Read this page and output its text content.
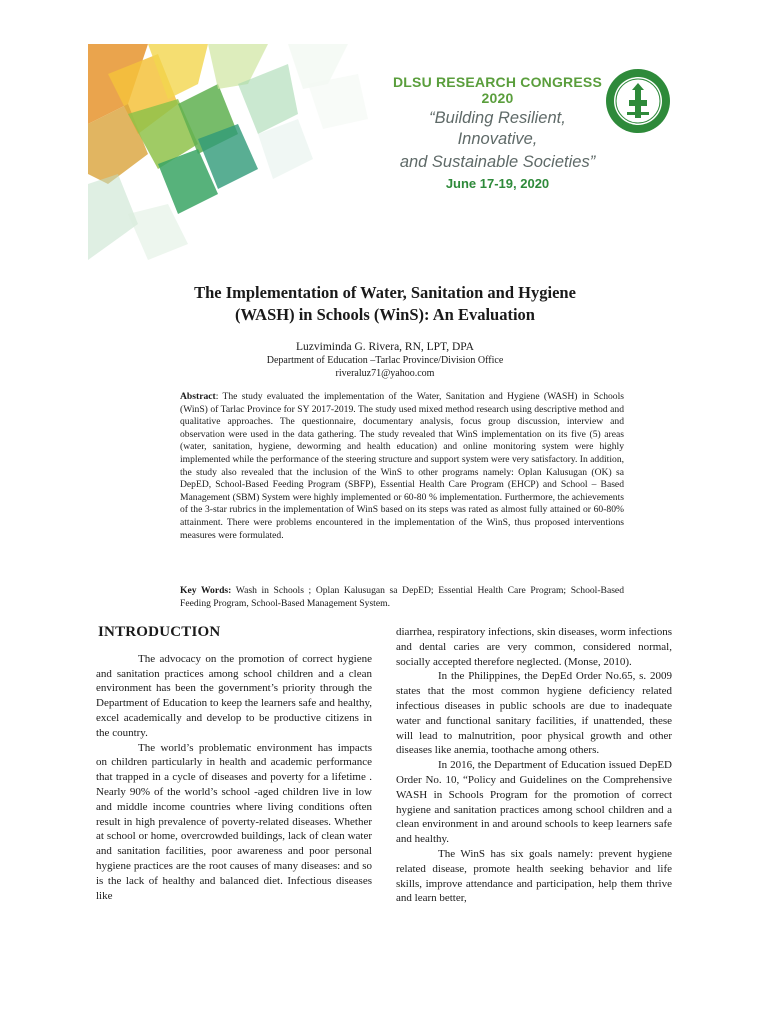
DLSU RESEARCH CONGRESS 2020
“Building Resilient, Innovative,
and Sustainable Societies”
June 17-19, 2020
The Implementation of Water, Sanitation and Hygiene
(WASH) in Schools (WinS): An Evaluation
Luzviminda G. Rivera, RN, LPT, DPA
Department of Education –Tarlac Province/Division Office
riveraluz71@yahoo.com
Abstract: The study evaluated the implementation of the Water, Sanitation and Hygiene (WASH) in Schools (WinS) of Tarlac Province for SY 2017-2019. The study used mixed method research using descriptive method and qualitative approaches. The questionnaire, documentary analysis, focus group discussion, interview and observation were used in the data gathering. The study revealed that WinS implementation on its five (5) areas (water, sanitation, hygiene, deworming and health education) and online monitoring system were highly implemented while the performance of the steering structure and support system were very satisfactory. In addition, the study also revealed that the inclusion of the WinS to other programs namely: Oplan Kalusugan (OK) sa DepED, School-Based Feeding Program (SBFP), Essential Health Care Program (EHCP) and School – Based Management (SBM) System were highly implemented or 60-80 % implementation. Furthermore, the achievements of the 3-star rubrics in the implementation of WinS based on its steps was rated as almost fully attained or 60-80% attainment. There were problems encountered in the implementation of the WinS, thus proposed interventions measures were formulated.
Key Words: Wash in Schools ; Oplan Kalusugan sa DepED; Essential Health Care Program; School-Based Feeding Program, School-Based Management System.
INTRODUCTION

The advocacy on the promotion of correct hygiene and sanitation practices among school children and a clean environment has been the government’s priority through the Department of Education to keep the learners safe and healthy, excel academically and develop to be productive citizens in the country.

The world’s problematic environment has impacts on children particularly in health and academic performance that trapped in a cycle of diseases and poverty for a lifetime . Nearly 90% of the world’s school -aged children live in low and middle income countries where living conditions often result in high prevalence of poverty-related diseases. Whether at school or home, overcrowded buildings, lack of clean water and sanitation facilities, poor awareness and poor personal hygiene practices are the root causes of many diseases: and so is the lack of healthy and balanced diet. Infectious diseases like

diarrhea, respiratory infections, skin diseases, worm infections and dental caries are very common, considered normal, socially accepted therefore neglected. (Monse, 2010).

In the Philippines, the DepEd Order No.65, s. 2009 states that the most common hygiene deficiency related infectious diseases in public schools are due to inadequate water and functional sanitary facilities, if unattended, these will lead to malnutrition, poor physical growth and other diseases like anemia, toothache among others.

In 2016, the Department of Education issued DepED Order No. 10, “Policy and Guidelines on the Comprehensive WASH in Schools Program for the promotion of correct hygiene and sanitation practices among school children and a clean environment in and around schools to keep learners safe and healthy.

The WinS has six goals namely: prevent hygiene related disease, promote health seeking behavior and life skills, improve attendance and participation, help them thrive and learn better,
